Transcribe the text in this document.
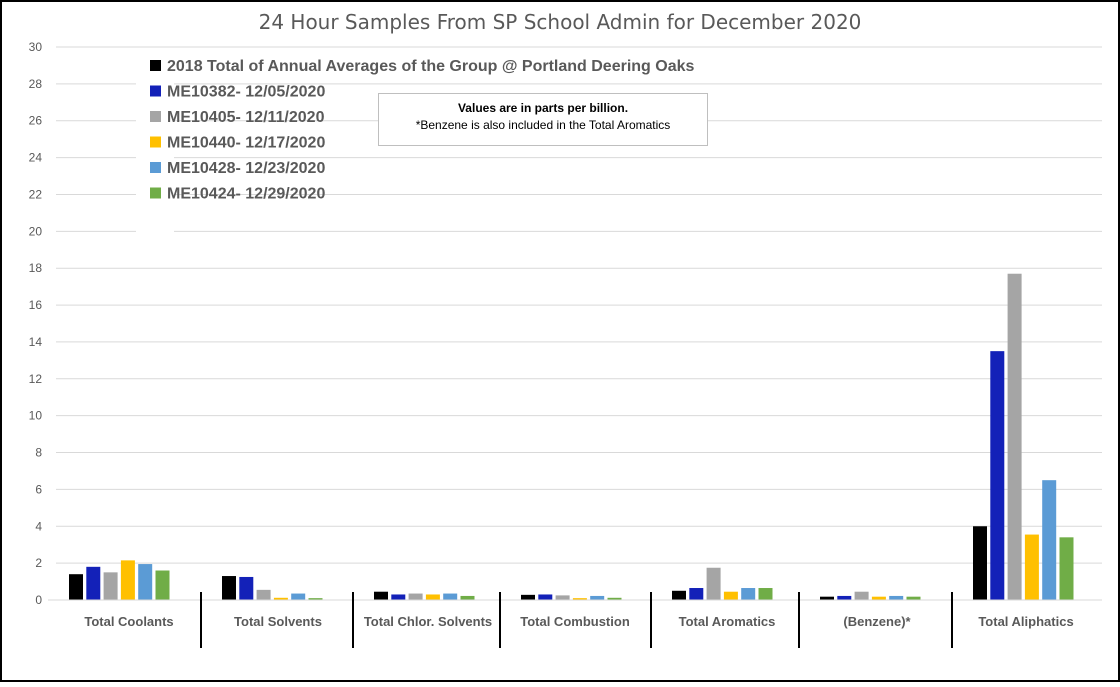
24 Hour Samples From SP School Admin for December 2020
0
2
4
6
8
10
12
14
16
18
20
22
24
26
28
30
Total Coolants	Total Solvents	Total Chlor. Solvents Total Combustion	Total Aromatics	(Benzene)*	Total Aliphatics
2018 Total of Annual Averages of the Group @ Portland Deering Oaks
ME10382- 12/05/2020
ME10405- 12/11/2020
ME10440- 12/17/2020
ME10428- 12/23/2020
ME10424- 12/29/2020
Values are in parts per billion.
*Benzene is also included in the Total Aromatics
